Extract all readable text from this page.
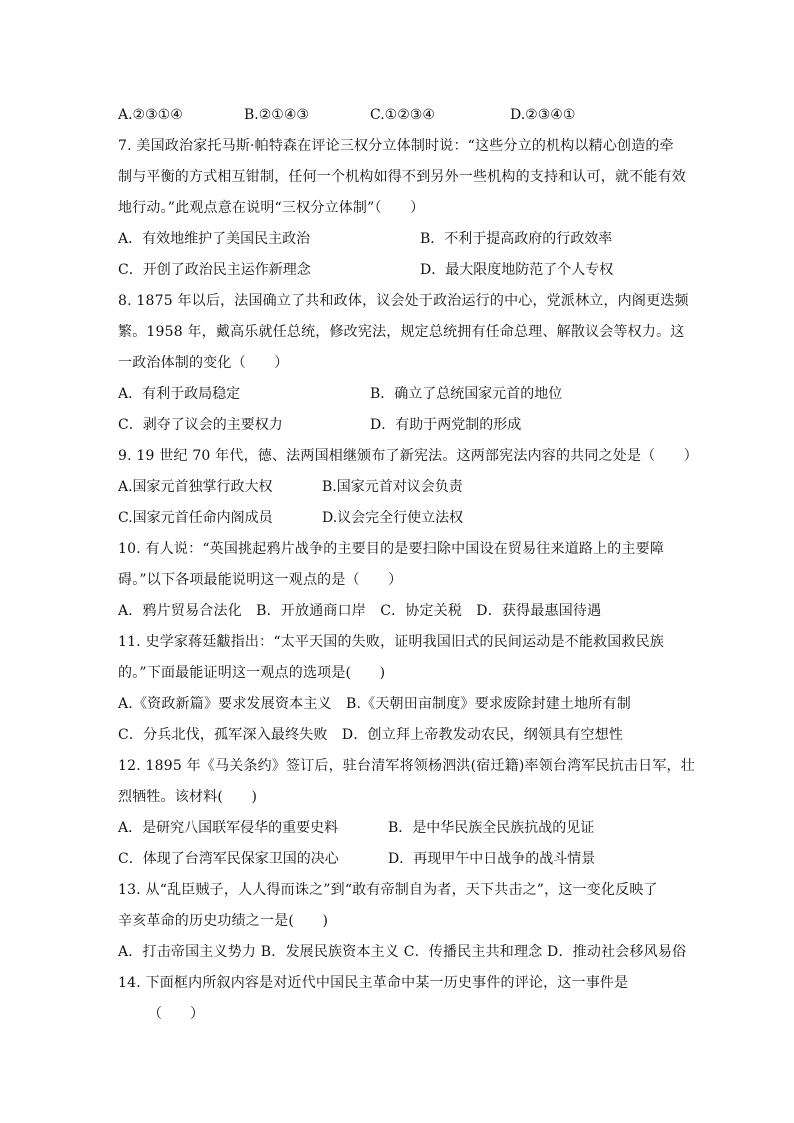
A.②③①④	B.②①④③	C.①②③④	D.②③④①
7. 美国政治家托马斯·帕特森在评论三权分立体制时说：“这些分立的机构以精心创造的牵
制与平衡的方式相互钳制，任何一个机构如得不到另外一些机构的支持和认可，就不能有效
地行动。”此观点意在说明“三权分立体制”（　　）
A．有效地维护了美国民主政治	B．不利于提高政府的行政效率
C．开创了政治民主运作新理念	D．最大限度地防范了个人专权
8. 1875 年以后，法国确立了共和政体，议会处于政治运行的中心，党派林立，内阁更迭频
繁。1958 年，戴高乐就任总统，修改宪法，规定总统拥有任命总理、解散议会等权力。这
一政治体制的变化（　　）
A．有利于政局稳定	B．确立了总统国家元首的地位
C．剥夺了议会的主要权力	D．有助于两党制的形成
9. 19 世纪 70 年代，德、法两国相继颁布了新宪法。这两部宪法内容的共同之处是（　　）
A.国家元首独掌行政大权	B.国家元首对议会负责
C.国家元首任命内阁成员	D.议会完全行使立法权
10. 有人说：“英国挑起鸦片战争的主要目的是要扫除中国设在贸易往来道路上的主要障
碍。”以下各项最能说明这一观点的是（　　）
A．鸦片贸易合法化　B．开放通商口岸　C．协定关税　D．获得最惠国待遇
11. 史学家蒋廷黻指出：“太平天国的失败，证明我国旧式的民间运动是不能救国救民族
的。”下面最能证明这一观点的选项是(　　)
A.《资政新篇》要求发展资本主义　B.《天朝田亩制度》要求废除封建土地所有制
C．分兵北伐，孤军深入最终失败　D．创立拜上帝教发动农民，纲领具有空想性
12. 1895 年《马关条约》签订后，驻台清军将领杨泗洪(宿迁籍)率领台湾军民抗击日军，壮
烈牺牲。该材料(　　)
A．是研究八国联军侵华的重要史料	B．是中华民族全民族抗战的见证
C．体现了台湾军民保家卫国的决心	D．再现甲午中日战争的战斗情景
13. 从“乱臣贼子，人人得而诛之”到“敢有帝制自为者，天下共击之”，这一变化反映了
辛亥革命的历史功绩之一是(　　)
A．打击帝国主义势力 B．发展民族资本主义 C．传播民主共和理念 D．推动社会移风易俗
14. 下面框内所叙内容是对近代中国民主革命中某一历史事件的评论，这一事件是
（　　）
